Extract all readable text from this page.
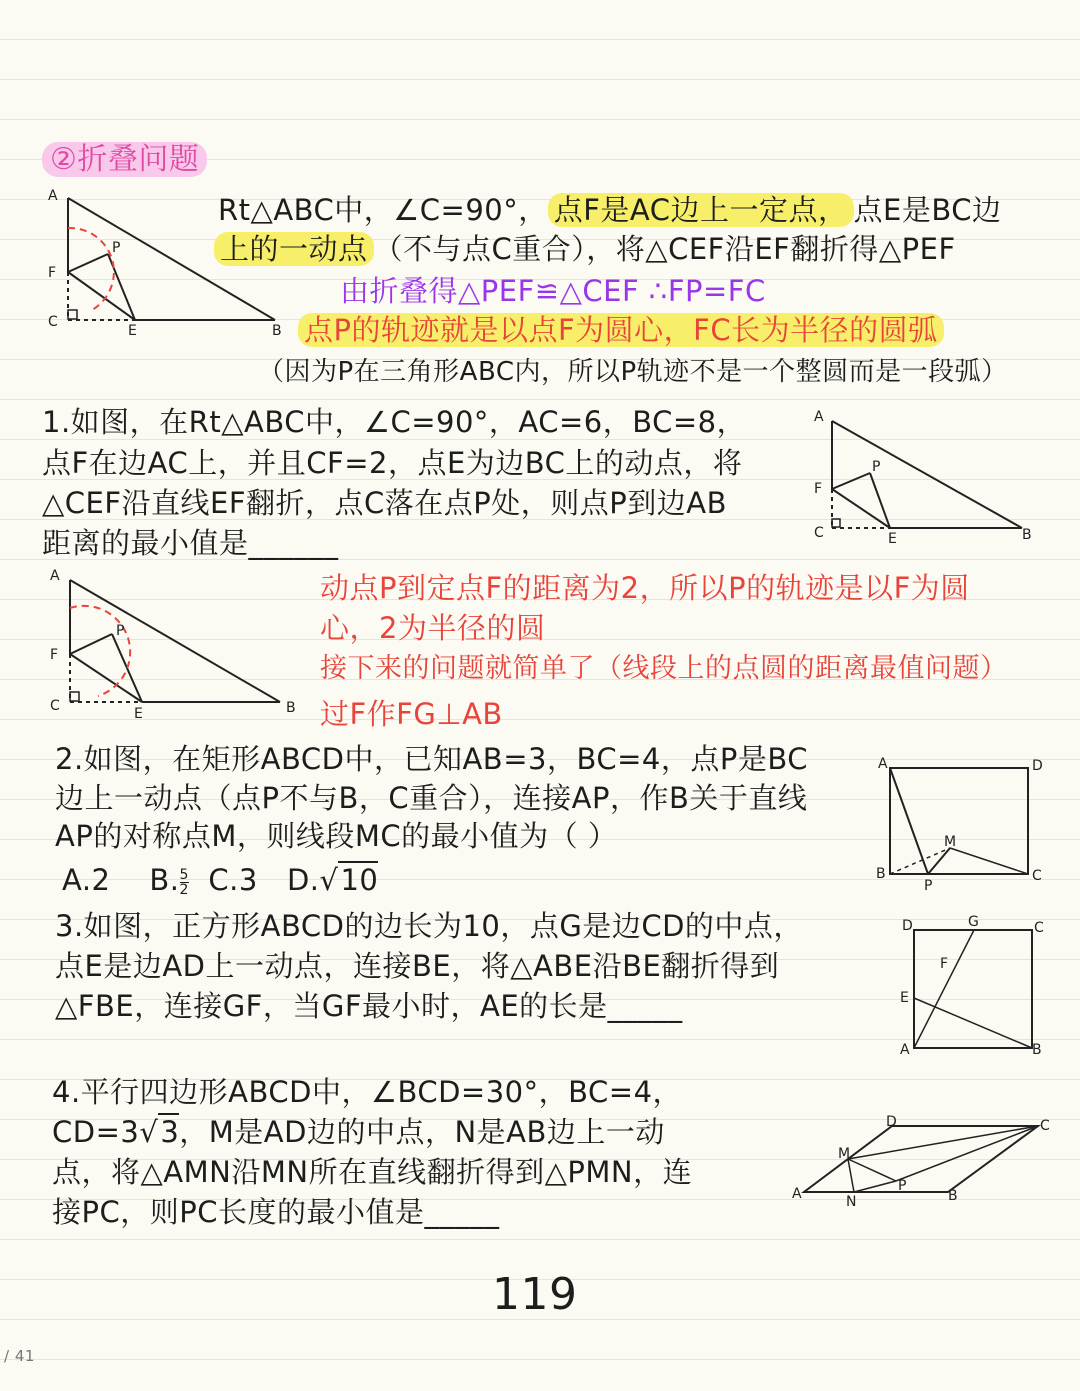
②折叠问题
A
F
C
E	B
P
Rt△ABC中，∠C=90°， 点F是AC边上一定点， 点E是BC边
上的一动点 （不与点C重合），将△CEF沿EF翻折得△PEF
由折叠得△PEF≌△CEF ∴FP=FC
点P的轨迹就是以点F为圆心，FC长为半径的圆弧
（因为P在三角形ABC内，所以P轨迹不是一个整圆而是一段弧）
1.如图，在Rt△ABC中，∠C=90°，AC=6，BC=8，
点F在边AC上，并且CF=2，点E为边BC上的动点，将
△CEF沿直线EF翻折，点C落在点P处，则点P到边AB
距离的最小值是______
A
F
C	E	B
P
A
F
C	E	B
P
动点P到定点F的距离为2，所以P的轨迹是以F为圆
心，2为半径的圆
接下来的问题就简单了（线段上的点圆的距离最值问题）
过F作FG⊥AB
2.如图，在矩形ABCD中，已知AB=3，BC=4，点P是BC
边上一动点（点P不与B，C重合），连接AP，作B关于直线
AP的对称点M，则线段MC的最小值为（ ）
A.2 B. $\frac{5}{2} C.3$ D.√10
A	D
B	C
P
M
3.如图，正方形ABCD的边长为10，点G是边CD的中点，
点E是边AD上一动点，连接BE，将△ABE沿BE翻折得到
△FBE，连接GF，当GF最小时，AE的长是_____
D	G	C
F
E
A	B
4.平行四边形ABCD中，∠BCD=30°，BC=4，
CD=3√3，M是AD边的中点，N是AB边上一动
点，将△AMN沿MN所在直线翻折得到△PMN，连
接PC，则PC长度的最小值是_____
A	B
C
D
M
N
P
119
/ 41
